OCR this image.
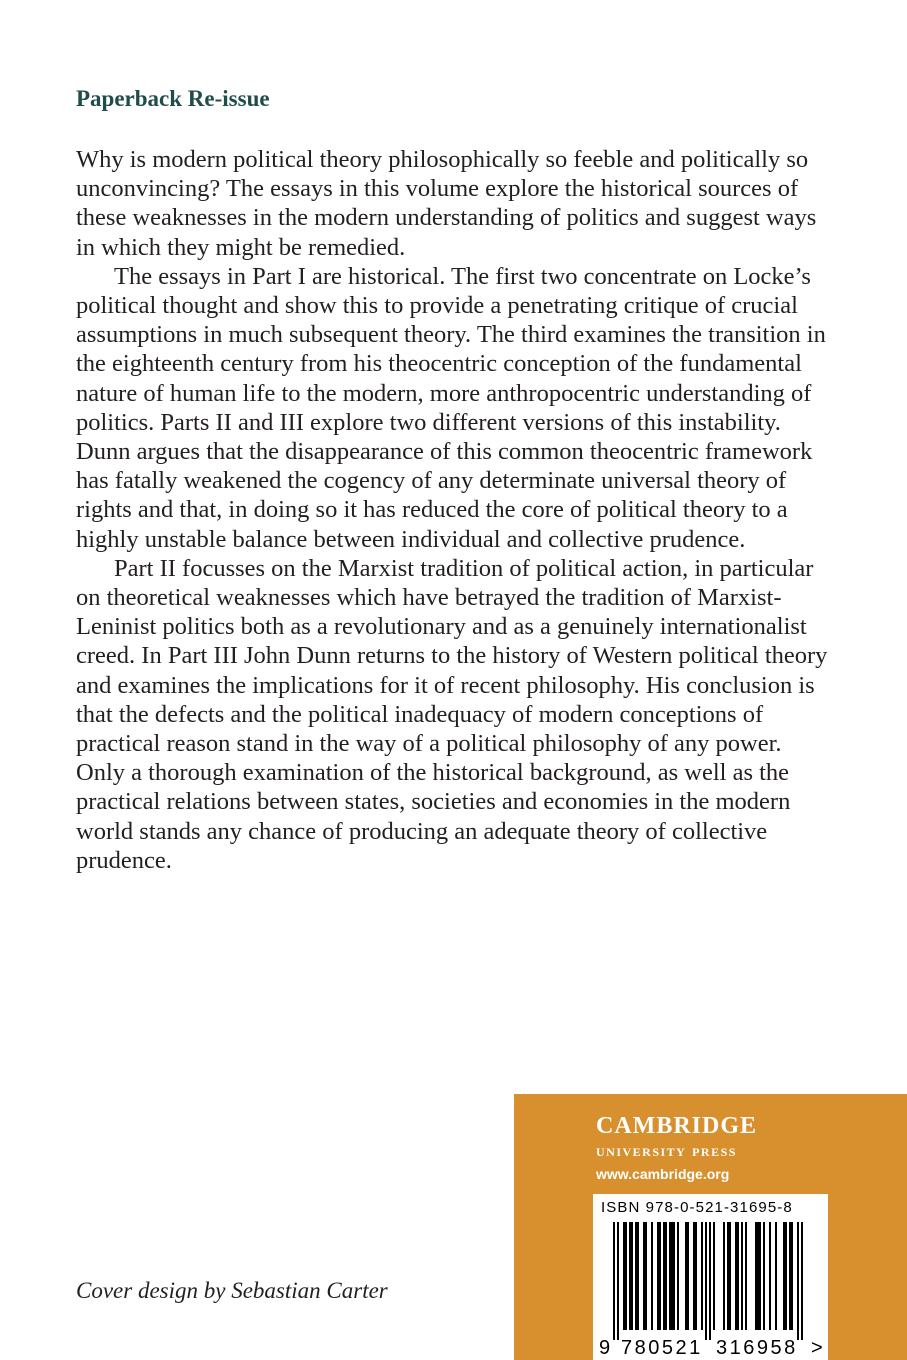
Paperback Re-issue

Why is modern political theory philosophically so feeble and politically so unconvincing? The essays in this volume explore the historical sources of these weaknesses in the modern understanding of politics and suggest ways in which they might be remedied.

The essays in Part I are historical. The first two concentrate on Locke’s political thought and show this to provide a penetrating critique of crucial assumptions in much subsequent theory. The third examines the transition in the eighteenth century from his theocentric conception of the fundamental nature of human life to the modern, more anthropocentric understanding of politics. Parts II and III explore two different versions of this instability. Dunn argues that the disappearance of this common theocentric framework has fatally weakened the cogency of any determinate universal theory of rights and that, in doing so it has reduced the core of political theory to a highly unstable balance between individual and collective prudence.

Part II focusses on the Marxist tradition of political action, in particular on theoretical weaknesses which have betrayed the tradition of Marxist-Leninist politics both as a revolutionary and as a genuinely internationalist creed. In Part III John Dunn returns to the history of Western political theory and examines the implications for it of recent philosophy. His conclusion is that the defects and the political inadequacy of modern conceptions of practical reason stand in the way of a political philosophy of any power. Only a thorough examination of the historical background, as well as the practical relations between states, societies and economies in the modern world stands any chance of producing an adequate theory of collective prudence.

cambridge
university press
www.cambridge.org
ISBN 978-0-521-31695-8
9 780521 316958 >
Cover design by Sebastian Carter
